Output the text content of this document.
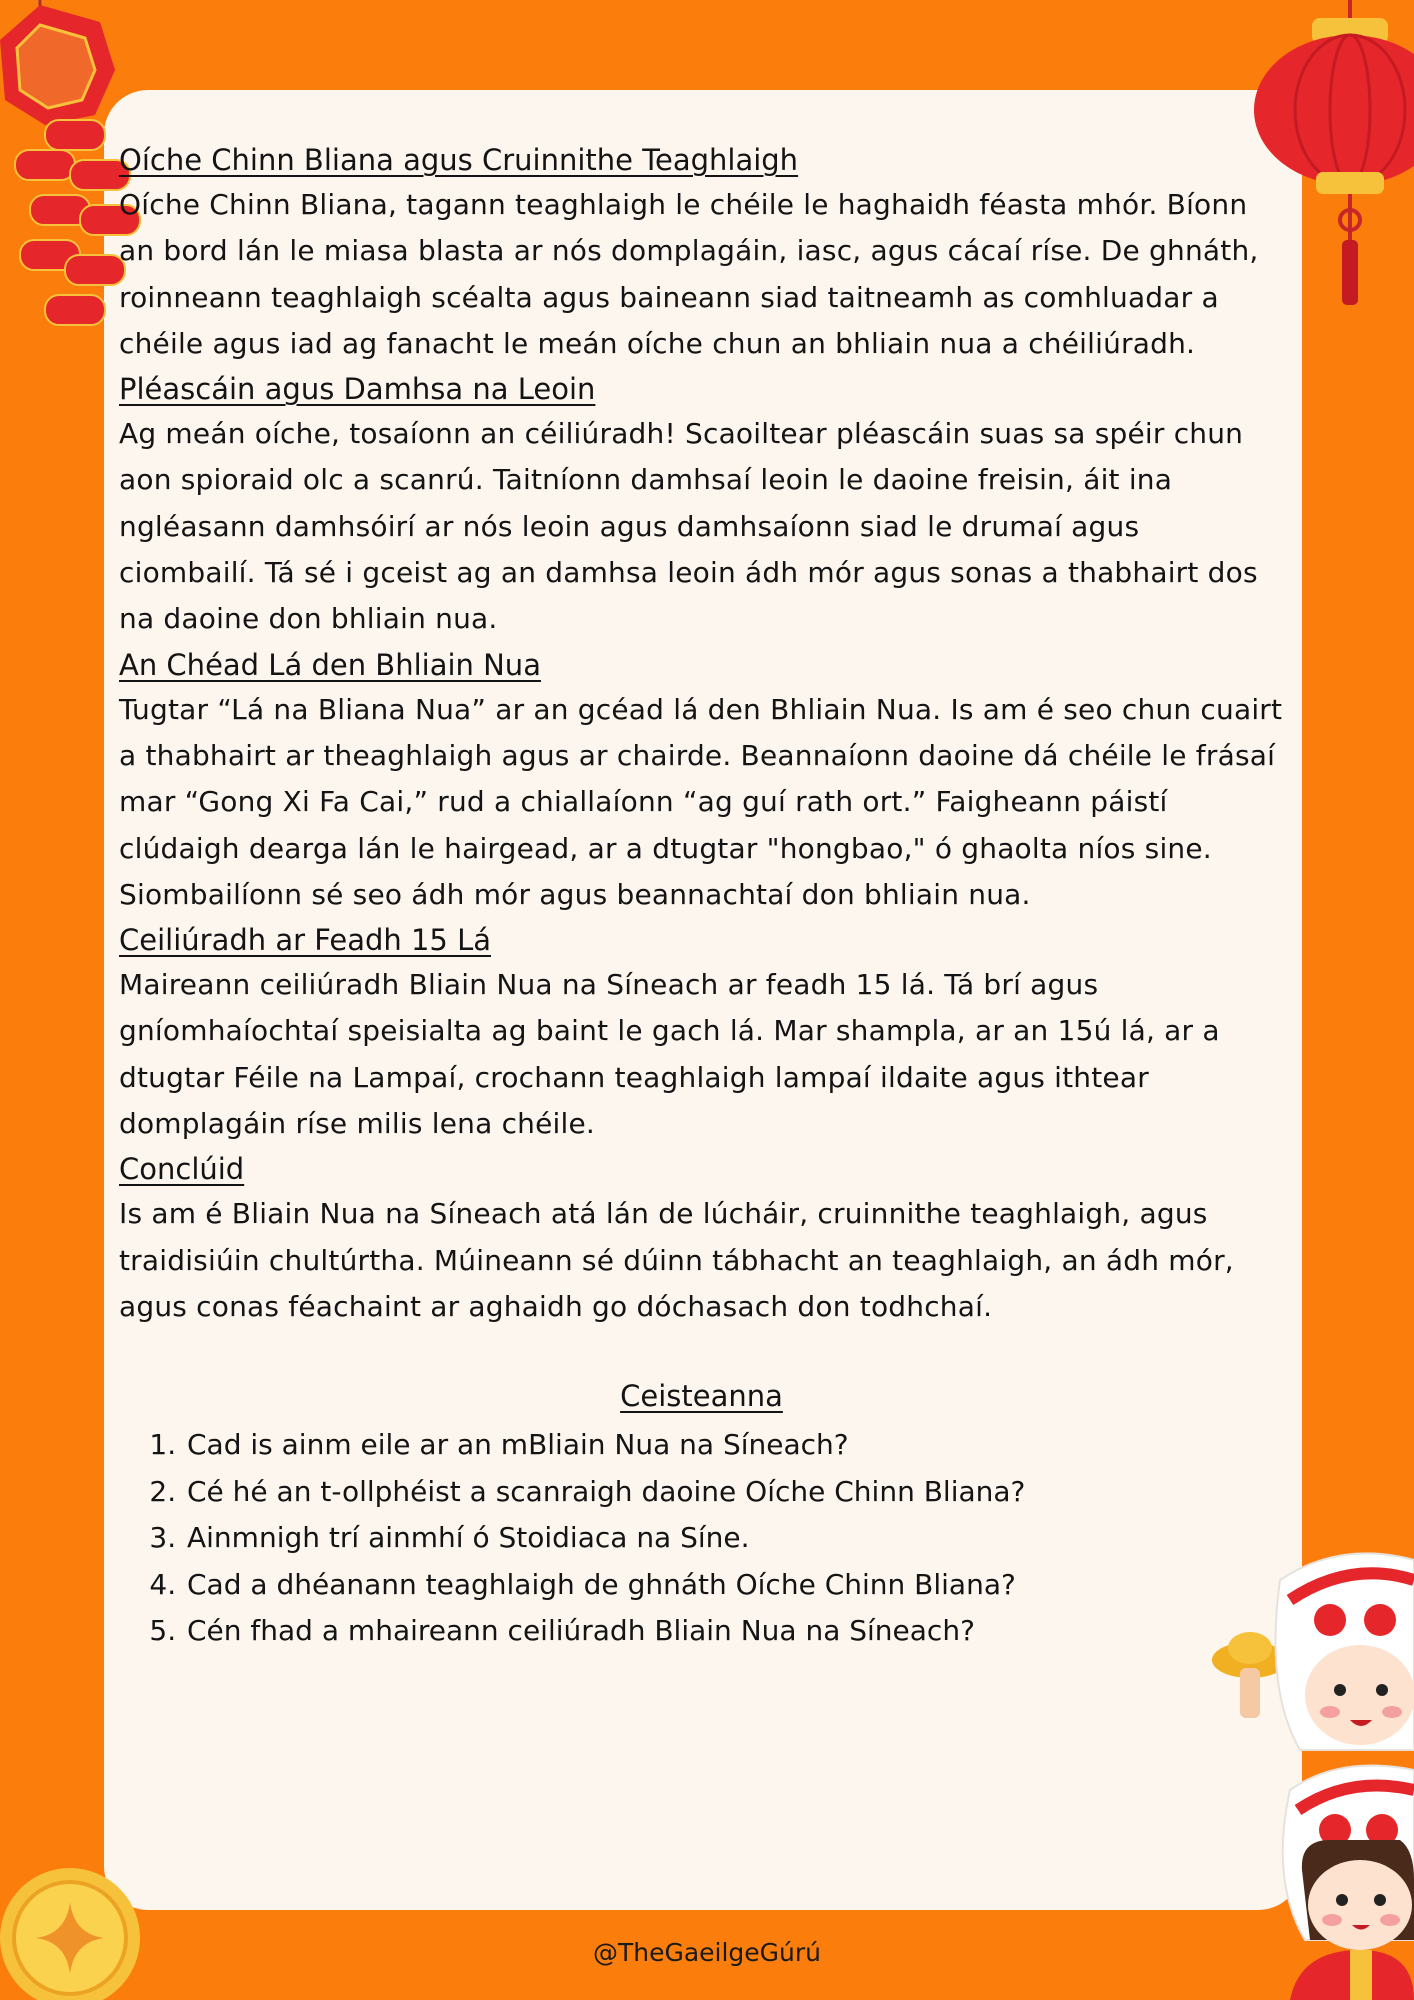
Oíche Chinn Bliana agus Cruinnithe Teaghlaigh

Oíche Chinn Bliana, tagann teaghlaigh le chéile le haghaidh féasta mhór. Bíonn an bord lán le miasa blasta ar nós domplagáin, iasc, agus cácaí ríse. De ghnáth, roinneann teaghlaigh scéalta agus baineann siad taitneamh as comhluadar a chéile agus iad ag fanacht le meán oíche chun an bhliain nua a chéiliúradh.

Pléascáin agus Damhsa na Leoin

Ag meán oíche, tosaíonn an céiliúradh! Scaoiltear pléascáin suas sa spéir chun aon spioraid olc a scanrú. Taitníonn damhsaí leoin le daoine freisin, áit ina ngléasann damhsóirí ar nós leoin agus damhsaíonn siad le drumaí agus ciombailí. Tá sé i gceist ag an damhsa leoin ádh mór agus sonas a thabhairt dos na daoine don bhliain nua.

An Chéad Lá den Bhliain Nua

Tugtar “Lá na Bliana Nua” ar an gcéad lá den Bhliain Nua. Is am é seo chun cuairt a thabhairt ar theaghlaigh agus ar chairde. Beannaíonn daoine dá chéile le frásaí mar “Gong Xi Fa Cai,” rud a chiallaíonn “ag guí rath ort.” Faigheann páistí clúdaigh dearga lán le hairgead, ar a dtugtar "hongbao," ó ghaolta níos sine. Siombailíonn sé seo ádh mór agus beannachtaí don bhliain nua.

Ceiliúradh ar Feadh 15 Lá

Maireann ceiliúradh Bliain Nua na Síneach ar feadh 15 lá. Tá brí agus gníomhaíochtaí speisialta ag baint le gach lá. Mar shampla, ar an 15ú lá, ar a dtugtar Féile na Lampaí, crochann teaghlaigh lampaí ildaite agus ithtear domplagáin ríse milis lena chéile.

Conclúid

Is am é Bliain Nua na Síneach atá lán de lúcháir, cruinnithe teaghlaigh, agus traidisiúin chultúrtha. Múineann sé dúinn tábhacht an teaghlaigh, an ádh mór, agus conas féachaint ar aghaidh go dóchasach don todhchaí.

Ceisteanna
1. Cad is ainm eile ar an mBliain Nua na Síneach?
2. Cé hé an t-ollphéist a scanraigh daoine Oíche Chinn Bliana?
3. Ainmnigh trí ainmhí ó Stoidiaca na Síne.
4. Cad a dhéanann teaghlaigh de ghnáth Oíche Chinn Bliana?
5. Cén fhad a mhaireann ceiliúradh Bliain Nua na Síneach?
@TheGaeilgeGúrú
